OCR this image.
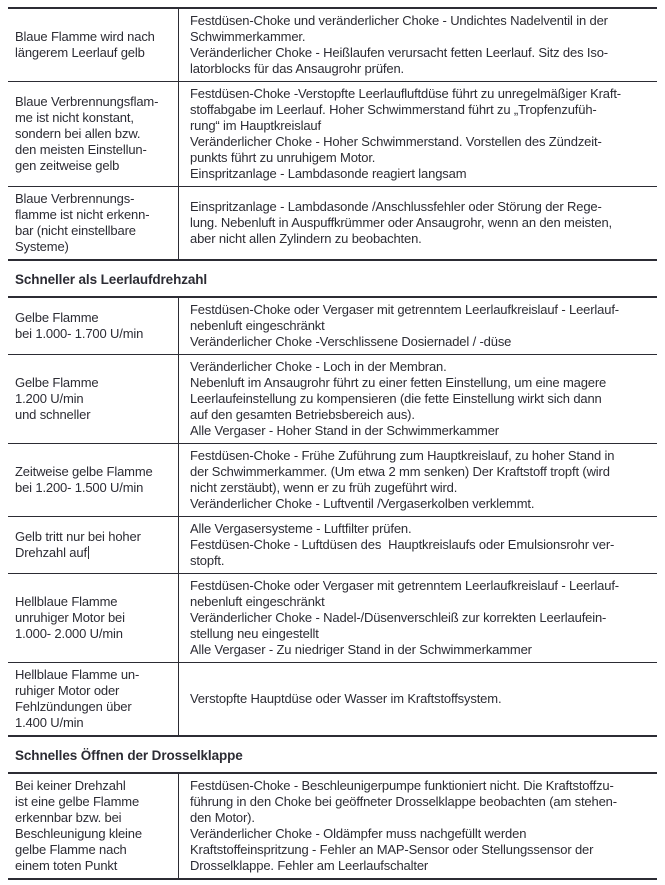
Blaue Flamme wird nach
längerem Leerlauf gelb
Festdüsen-Choke und veränderlicher Choke - Undichtes Nadelventil in der
Schwimmerkammer.
Veränderlicher Choke - Heißlaufen verursacht fetten Leerlauf. Sitz des Iso-
latorblocks für das Ansaugrohr prüfen.
Blaue Verbrennungsflam-
me ist nicht konstant,
sondern bei allen bzw.
den meisten Einstellun-
gen zeitweise gelb
Festdüsen-Choke -Verstopfte Leerlaufluftdüse führt zu unregelmäßiger Kraft-
stoffabgabe im Leerlauf. Hoher Schwimmerstand führt zu „Tropfenzufüh-
rung“ im Hauptkreislauf
Veränderlicher Choke - Hoher Schwimmerstand. Vorstellen des Zündzeit-
punkts führt zu unruhigem Motor.
Einspritzanlage - Lambdasonde reagiert langsam
Blaue Verbrennungs-
flamme ist nicht erkenn-
bar (nicht einstellbare
Systeme)
Einspritzanlage - Lambdasonde /Anschlussfehler oder Störung der Rege-
lung. Nebenluft in Auspuffkrümmer oder Ansaugrohr, wenn an den meisten,
aber nicht allen Zylindern zu beobachten.
Schneller als Leerlaufdrehzahl
Gelbe Flamme
bei 1.000- 1.700 U/min
Festdüsen-Choke oder Vergaser mit getrenntem Leerlaufkreislauf - Leerlauf-
nebenluft eingeschränkt
Veränderlicher Choke -Verschlissene Dosiernadel / -düse
Gelbe Flamme
1.200 U/min
und schneller
Veränderlicher Choke - Loch in der Membran.
Nebenluft im Ansaugrohr führt zu einer fetten Einstellung, um eine magere
Leerlaufeinstellung zu kompensieren (die fette Einstellung wirkt sich dann
auf den gesamten Betriebsbereich aus).
Alle Vergaser - Hoher Stand in der Schwimmerkammer
Zeitweise gelbe Flamme
bei 1.200- 1.500 U/min
Festdüsen-Choke - Frühe Zuführung zum Hauptkreislauf, zu hoher Stand in
der Schwimmerkammer. (Um etwa 2 mm senken) Der Kraftstoff tropft (wird
nicht zerstäubt), wenn er zu früh zugeführt wird.
Veränderlicher Choke - Luftventil /Vergaserkolben verklemmt.
Gelb tritt nur bei hoher
Drehzahl auf
Alle Vergasersysteme - Luftfilter prüfen.
Festdüsen-Choke - Luftdüsen des  Hauptkreislaufs oder Emulsionsrohr ver-
stopft.
Hellblaue Flamme
unruhiger Motor bei
1.000- 2.000 U/min
Festdüsen-Choke oder Vergaser mit getrenntem Leerlaufkreislauf - Leerlauf-
nebenluft eingeschränkt
Veränderlicher Choke - Nadel-/Düsenverschleiß zur korrekten Leerlaufein-
stellung neu eingestellt
Alle Vergaser - Zu niedriger Stand in der Schwimmerkammer
Hellblaue Flamme un-
ruhiger Motor oder
Fehlzündungen über
1.400 U/min
Verstopfte Hauptdüse oder Wasser im Kraftstoffsystem.
Schnelles Öffnen der Drosselklappe
Bei keiner Drehzahl
ist eine gelbe Flamme
erkennbar bzw. bei
Beschleunigung kleine
gelbe Flamme nach
einem toten Punkt
Festdüsen-Choke - Beschleunigerpumpe funktioniert nicht. Die Kraftstoffzu-
führung in den Choke bei geöffneter Drosselklappe beobachten (am stehen-
den Motor).
Veränderlicher Choke - Oldämpfer muss nachgefüllt werden
Kraftstoffeinspritzung - Fehler an MAP-Sensor oder Stellungssensor der
Drosselklappe. Fehler am Leerlaufschalter
